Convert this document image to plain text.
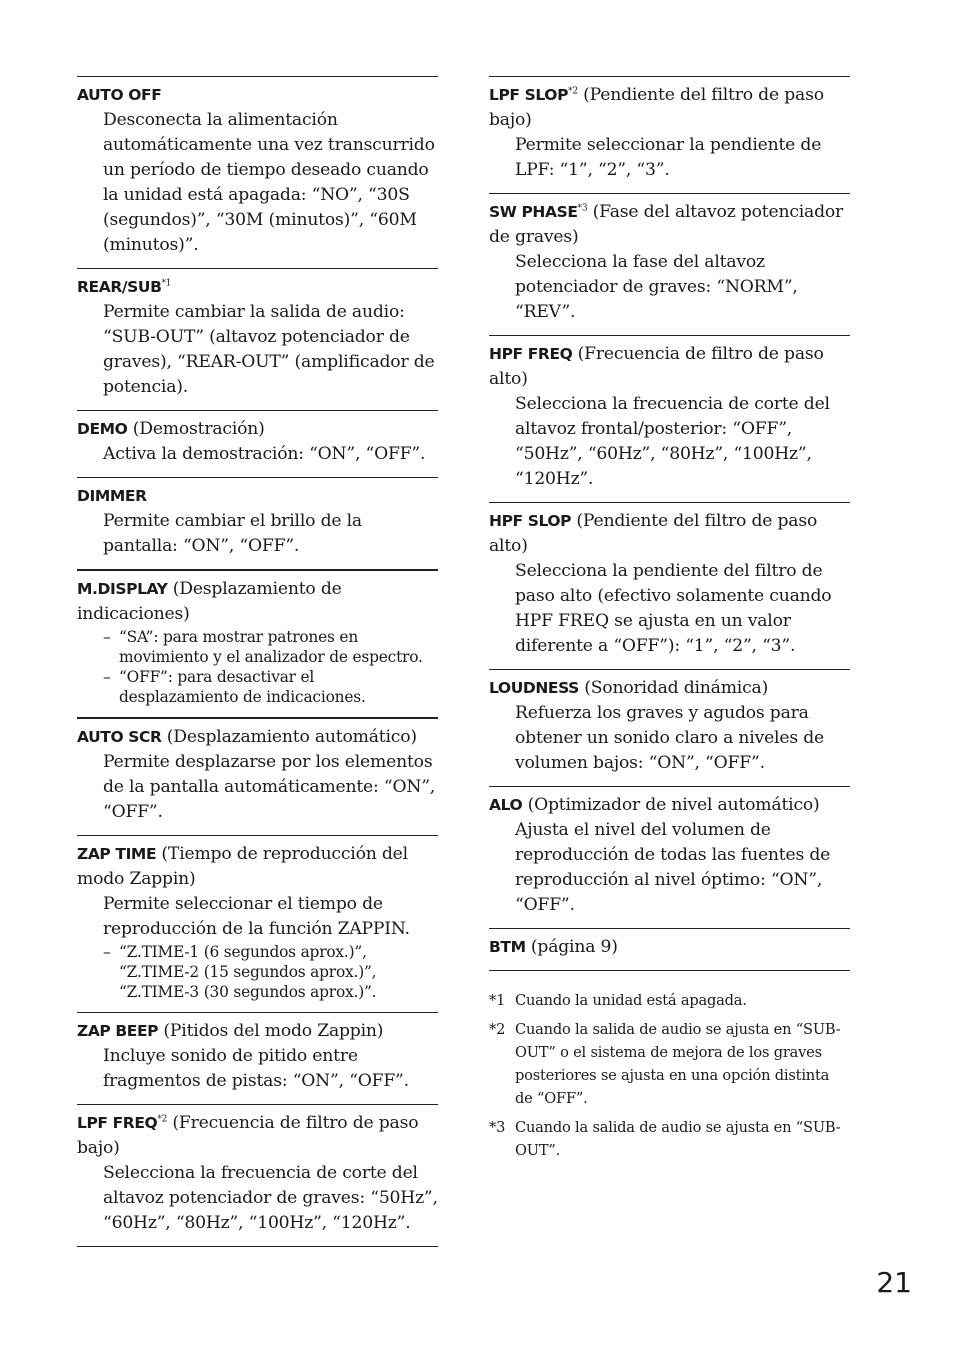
AUTO OFF
Desconecta la alimentación automáticamente una vez transcurrido un período de tiempo deseado cuando la unidad está apagada: “NO”, “30S (segundos)”, “30M (minutos)”, “60M (minutos)”.
REAR/SUB$^{*1}$
Permite cambiar la salida de audio: “SUB-OUT” (altavoz potenciador de graves), “REAR-OUT” (amplificador de potencia).
DEMO (Demostración)
Activa la demostración: “ON”, “OFF”.
DIMMER
Permite cambiar el brillo de la pantalla: “ON”, “OFF”.
M.DISPLAY (Desplazamiento de indicaciones)
– “SA”: para mostrar patrones en movimiento y el analizador de espectro.
– “OFF”: para desactivar el desplazamiento de indicaciones.
AUTO SCR (Desplazamiento automático)
Permite desplazarse por los elementos de la pantalla automáticamente: “ON”, “OFF”.
ZAP TIME (Tiempo de reproducción del modo Zappin)
Permite seleccionar el tiempo de reproducción de la función ZAPPIN.
– “Z.TIME-1 (6 segundos aprox.)”, “Z.TIME-2 (15 segundos aprox.)”, “Z.TIME-3 (30 segundos aprox.)”.
ZAP BEEP (Pitidos del modo Zappin)
Incluye sonido de pitido entre fragmentos de pistas: “ON”, “OFF”.
LPF FREQ$^{*2}$ (Frecuencia de filtro de paso bajo)
Selecciona la frecuencia de corte del altavoz potenciador de graves: “50Hz”, “60Hz”, “80Hz”, “100Hz”, “120Hz”.
LPF SLOP$^{*2}$ (Pendiente del filtro de paso bajo)
Permite seleccionar la pendiente de LPF: “1”, “2”, “3”.
SW PHASE$^{*3}$ (Fase del altavoz potenciador de graves)
Selecciona la fase del altavoz potenciador de graves: “NORM”, “REV”.
HPF FREQ (Frecuencia de filtro de paso alto)
Selecciona la frecuencia de corte del altavoz frontal/posterior: “OFF”, “50Hz”, “60Hz”, “80Hz”, “100Hz”, “120Hz”.
HPF SLOP (Pendiente del filtro de paso alto)
Selecciona la pendiente del filtro de paso alto (efectivo solamente cuando HPF FREQ se ajusta en un valor diferente a “OFF”): “1”, “2”, “3”.
LOUDNESS (Sonoridad dinámica)
Refuerza los graves y agudos para obtener un sonido claro a niveles de volumen bajos: “ON”, “OFF”.
ALO (Optimizador de nivel automático)
Ajusta el nivel del volumen de reproducción de todas las fuentes de reproducción al nivel óptimo: “ON”, “OFF”.
BTM (página 9)
*1 Cuando la unidad está apagada.
*2 Cuando la salida de audio se ajusta en “SUB-OUT” o el sistema de mejora de los graves posteriores se ajusta en una opción distinta de “OFF”.
*3 Cuando la salida de audio se ajusta en “SUB-OUT”.
21
